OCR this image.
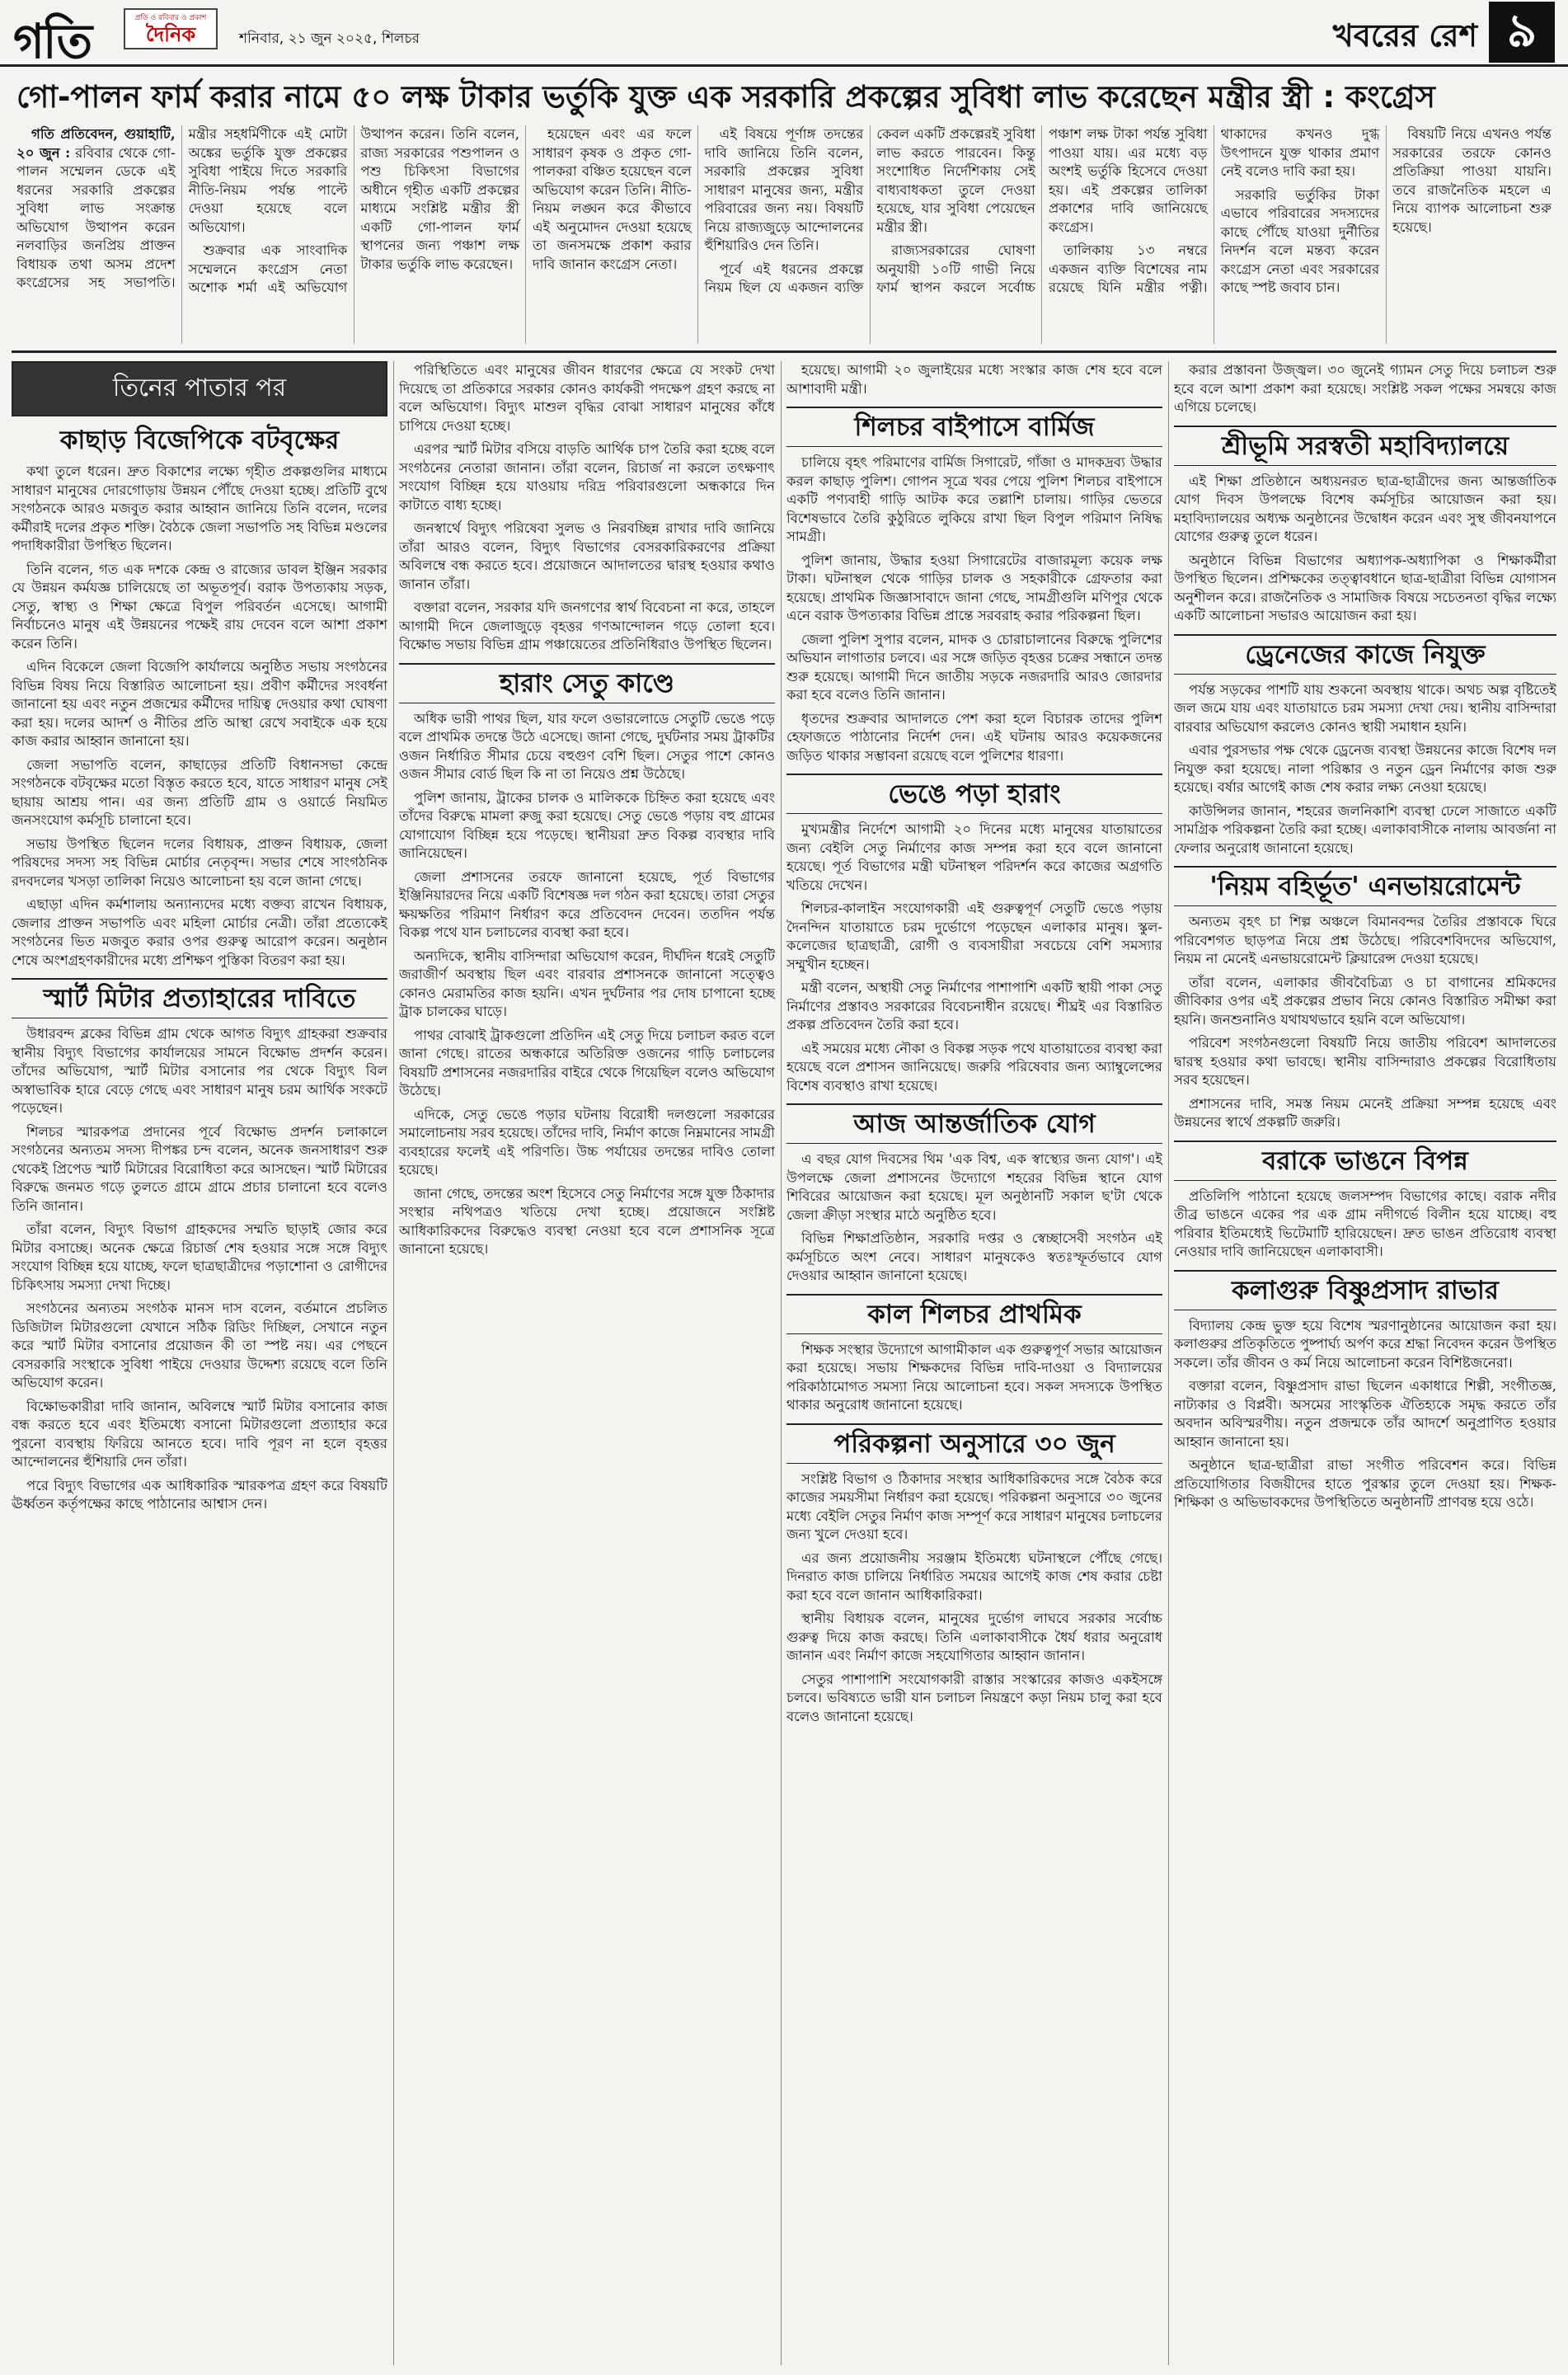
গতি	প্রতি ও রবিবার ও প্রকাশ
দৈনিক	শনিবার, ২১ জুন ২০২৫, শিলচর	খবরের রেশ ৯
গো-পালন ফার্ম করার নামে ৫০ লক্ষ টাকার ভর্তুকি যুক্ত এক সরকারি প্রকল্পের সুবিধা লাভ করেছেন মন্ত্রীর স্ত্রী : কংগ্রেস

গতি প্রতিবেদন, গুয়াহাটি, ২০ জুন : রবিবার থেকে গো-পালন সম্মেলন ডেকে এই ধরনের সরকারি প্রকল্পের সুবিধা লাভ সংক্রান্ত অভিযোগ উত্থাপন করেন নলবাড়ির জনপ্রিয় প্রাক্তন বিধায়ক তথা অসম প্রদেশ কংগ্রেসের সহ সভাপতি। মন্ত্রীর সহধর্মিণীকে এই মোটা অঙ্কের ভর্তুকি যুক্ত প্রকল্পের সুবিধা পাইয়ে দিতে সরকারি নীতি-নিয়ম পর্যন্ত পাল্টে দেওয়া হয়েছে বলে অভিযোগ।

শুক্রবার এক সাংবাদিক সম্মেলনে কংগ্রেস নেতা অশোক শর্মা এই অভিযোগ উত্থাপন করেন। তিনি বলেন, রাজ্য সরকারের পশুপালন ও পশু চিকিৎসা বিভাগের অধীনে গৃহীত একটি প্রকল্পের মাধ্যমে সংশ্লিষ্ট মন্ত্রীর স্ত্রী একটি গো-পালন ফার্ম স্থাপনের জন্য পঞ্চাশ লক্ষ টাকার ভর্তুকি লাভ করেছেন।

হয়েছেন এবং এর ফলে সাধারণ কৃষক ও প্রকৃত গো-পালকরা বঞ্চিত হয়েছেন বলে অভিযোগ করেন তিনি। নীতি-নিয়ম লঙ্ঘন করে কীভাবে এই অনুমোদন দেওয়া হয়েছে তা জনসমক্ষে প্রকাশ করার দাবি জানান কংগ্রেস নেতা।

এই বিষয়ে পূর্ণাঙ্গ তদন্তের দাবি জানিয়ে তিনি বলেন, সরকারি প্রকল্পের সুবিধা সাধারণ মানুষের জন্য, মন্ত্রীর পরিবারের জন্য নয়। বিষয়টি নিয়ে রাজ্যজুড়ে আন্দোলনের হুঁশিয়ারিও দেন তিনি।

পূর্বে এই ধরনের প্রকল্পে নিয়ম ছিল যে একজন ব্যক্তি কেবল একটি প্রকল্পেরই সুবিধা লাভ করতে পারবেন। কিন্তু সংশোধিত নির্দেশিকায় সেই বাধ্যবাধকতা তুলে দেওয়া হয়েছে, যার সুবিধা পেয়েছেন মন্ত্রীর স্ত্রী।

রাজ্যসরকারের ঘোষণা অনুযায়ী ১০টি গাভী নিয়ে ফার্ম স্থাপন করলে সর্বোচ্চ পঞ্চাশ লক্ষ টাকা পর্যন্ত সুবিধা পাওয়া যায়। এর মধ্যে বড় অংশই ভর্তুকি হিসেবে দেওয়া হয়। এই প্রকল্পের তালিকা প্রকাশের দাবি জানিয়েছে কংগ্রেস।

তালিকায় ১৩ নম্বরে একজন ব্যক্তি বিশেষের নাম রয়েছে যিনি মন্ত্রীর পত্নী। থাকাদের কখনও দুগ্ধ উৎপাদনে যুক্ত থাকার প্রমাণ নেই বলেও দাবি করা হয়।

সরকারি ভর্তুকির টাকা এভাবে পরিবারের সদস্যদের কাছে পৌঁছে যাওয়া দুর্নীতির নিদর্শন বলে মন্তব্য করেন কংগ্রেস নেতা এবং সরকারের কাছে স্পষ্ট জবাব চান।

বিষয়টি নিয়ে এখনও পর্যন্ত সরকারের তরফে কোনও প্রতিক্রিয়া পাওয়া যায়নি। তবে রাজনৈতিক মহলে এ নিয়ে ব্যাপক আলোচনা শুরু হয়েছে।

তিনের পাতার পর
কাছাড় বিজেপিকে বটবৃক্ষের

কথা তুলে ধরেন। দ্রুত বিকাশের লক্ষ্যে গৃহীত প্রকল্পগুলির মাধ্যমে সাধারণ মানুষের দোরগোড়ায় উন্নয়ন পৌঁছে দেওয়া হচ্ছে। প্রতিটি বুথে সংগঠনকে আরও মজবুত করার আহ্বান জানিয়ে তিনি বলেন, দলের কর্মীরাই দলের প্রকৃত শক্তি। বৈঠকে জেলা সভাপতি সহ বিভিন্ন মণ্ডলের পদাধিকারীরা উপস্থিত ছিলেন।

তিনি বলেন, গত এক দশকে কেন্দ্র ও রাজ্যের ডাবল ইঞ্জিন সরকার যে উন্নয়ন কর্মযজ্ঞ চালিয়েছে তা অভূতপূর্ব। বরাক উপত্যকায় সড়ক, সেতু, স্বাস্থ্য ও শিক্ষা ক্ষেত্রে বিপুল পরিবর্তন এসেছে। আগামী নির্বাচনেও মানুষ এই উন্নয়নের পক্ষেই রায় দেবেন বলে আশা প্রকাশ করেন তিনি।

এদিন বিকেলে জেলা বিজেপি কার্যালয়ে অনুষ্ঠিত সভায় সংগঠনের বিভিন্ন বিষয় নিয়ে বিস্তারিত আলোচনা হয়। প্রবীণ কর্মীদের সংবর্ধনা জানানো হয় এবং নতুন প্রজন্মের কর্মীদের দায়িত্ব দেওয়ার কথা ঘোষণা করা হয়। দলের আদর্শ ও নীতির প্রতি আস্থা রেখে সবাইকে এক হয়ে কাজ করার আহ্বান জানানো হয়।

জেলা সভাপতি বলেন, কাছাড়ের প্রতিটি বিধানসভা কেন্দ্রে সংগঠনকে বটবৃক্ষের মতো বিস্তৃত করতে হবে, যাতে সাধারণ মানুষ সেই ছায়ায় আশ্রয় পান। এর জন্য প্রতিটি গ্রাম ও ওয়ার্ডে নিয়মিত জনসংযোগ কর্মসূচি চালানো হবে।

সভায় উপস্থিত ছিলেন দলের বিধায়ক, প্রাক্তন বিধায়ক, জেলা পরিষদের সদস্য সহ বিভিন্ন মোর্চার নেতৃবৃন্দ। সভার শেষে সাংগঠনিক রদবদলের খসড়া তালিকা নিয়েও আলোচনা হয় বলে জানা গেছে।

এছাড়া এদিন কর্মশালায় অন্যান্যদের মধ্যে বক্তব্য রাখেন বিধায়ক, জেলার প্রাক্তন সভাপতি এবং মহিলা মোর্চার নেত্রী। তাঁরা প্রত্যেকেই সংগঠনের ভিত মজবুত করার ওপর গুরুত্ব আরোপ করেন। অনুষ্ঠান শেষে অংশগ্রহণকারীদের মধ্যে প্রশিক্ষণ পুস্তিকা বিতরণ করা হয়।

স্মার্ট মিটার প্রত্যাহারের দাবিতে

উধারবন্দ ব্লকের বিভিন্ন গ্রাম থেকে আগত বিদ্যুৎ গ্রাহকরা শুক্রবার স্থানীয় বিদ্যুৎ বিভাগের কার্যালয়ের সামনে বিক্ষোভ প্রদর্শন করেন। তাঁদের অভিযোগ, স্মার্ট মিটার বসানোর পর থেকে বিদ্যুৎ বিল অস্বাভাবিক হারে বেড়ে গেছে এবং সাধারণ মানুষ চরম আর্থিক সংকটে পড়েছেন।

শিলচর স্মারকপত্র প্রদানের পূর্বে বিক্ষোভ প্রদর্শন চলাকালে সংগঠনের অন্যতম সদস্য দীপঙ্কর চন্দ বলেন, অনেক জনসাধারণ শুরু থেকেই প্রিপেড স্মার্ট মিটারের বিরোধিতা করে আসছেন। স্মার্ট মিটারের বিরুদ্ধে জনমত গড়ে তুলতে গ্রামে গ্রামে প্রচার চালানো হবে বলেও তিনি জানান।

তাঁরা বলেন, বিদ্যুৎ বিভাগ গ্রাহকদের সম্মতি ছাড়াই জোর করে মিটার বসাচ্ছে। অনেক ক্ষেত্রে রিচার্জ শেষ হওয়ার সঙ্গে সঙ্গে বিদ্যুৎ সংযোগ বিচ্ছিন্ন হয়ে যাচ্ছে, ফলে ছাত্রছাত্রীদের পড়াশোনা ও রোগীদের চিকিৎসায় সমস্যা দেখা দিচ্ছে।

সংগঠনের অন্যতম সংগঠক মানস দাস বলেন, বর্তমানে প্রচলিত ডিজিটাল মিটারগুলো যেখানে সঠিক রিডিং দিচ্ছিল, সেখানে নতুন করে স্মার্ট মিটার বসানোর প্রয়োজন কী তা স্পষ্ট নয়। এর পেছনে বেসরকারি সংস্থাকে সুবিধা পাইয়ে দেওয়ার উদ্দেশ্য রয়েছে বলে তিনি অভিযোগ করেন।

বিক্ষোভকারীরা দাবি জানান, অবিলম্বে স্মার্ট মিটার বসানোর কাজ বন্ধ করতে হবে এবং ইতিমধ্যে বসানো মিটারগুলো প্রত্যাহার করে পুরনো ব্যবস্থায় ফিরিয়ে আনতে হবে। দাবি পূরণ না হলে বৃহত্তর আন্দোলনের হুঁশিয়ারি দেন তাঁরা।

পরে বিদ্যুৎ বিভাগের এক আধিকারিক স্মারকপত্র গ্রহণ করে বিষয়টি ঊর্ধ্বতন কর্তৃপক্ষের কাছে পাঠানোর আশ্বাস দেন।

পরিস্থিতিতে এবং মানুষের জীবন ধারণের ক্ষেত্রে যে সংকট দেখা দিয়েছে তা প্রতিকারে সরকার কোনও কার্যকরী পদক্ষেপ গ্রহণ করছে না বলে অভিযোগ। বিদ্যুৎ মাশুল বৃদ্ধির বোঝা সাধারণ মানুষের কাঁধে চাপিয়ে দেওয়া হচ্ছে।

এরপর স্মার্ট মিটার বসিয়ে বাড়তি আর্থিক চাপ তৈরি করা হচ্ছে বলে সংগঠনের নেতারা জানান। তাঁরা বলেন, রিচার্জ না করলে তৎক্ষণাৎ সংযোগ বিচ্ছিন্ন হয়ে যাওয়ায় দরিদ্র পরিবারগুলো অন্ধকারে দিন কাটাতে বাধ্য হচ্ছে।

জনস্বার্থে বিদ্যুৎ পরিষেবা সুলভ ও নিরবচ্ছিন্ন রাখার দাবি জানিয়ে তাঁরা আরও বলেন, বিদ্যুৎ বিভাগের বেসরকারিকরণের প্রক্রিয়া অবিলম্বে বন্ধ করতে হবে। প্রয়োজনে আদালতের দ্বারস্থ হওয়ার কথাও জানান তাঁরা।

বক্তারা বলেন, সরকার যদি জনগণের স্বার্থ বিবেচনা না করে, তাহলে আগামী দিনে জেলাজুড়ে বৃহত্তর গণআন্দোলন গড়ে তোলা হবে। বিক্ষোভ সভায় বিভিন্ন গ্রাম পঞ্চায়েতের প্রতিনিধিরাও উপস্থিত ছিলেন।

হারাং সেতু কাণ্ডে

অধিক ভারী পাথর ছিল, যার ফলে ওভারলোডে সেতুটি ভেঙে পড়ে বলে প্রাথমিক তদন্তে উঠে এসেছে। জানা গেছে, দুর্ঘটনার সময় ট্রাকটির ওজন নির্ধারিত সীমার চেয়ে বহুগুণ বেশি ছিল। সেতুর পাশে কোনও ওজন সীমার বোর্ড ছিল কি না তা নিয়েও প্রশ্ন উঠেছে।

পুলিশ জানায়, ট্রাকের চালক ও মালিককে চিহ্নিত করা হয়েছে এবং তাঁদের বিরুদ্ধে মামলা রুজু করা হয়েছে। সেতু ভেঙে পড়ায় বহু গ্রামের যোগাযোগ বিচ্ছিন্ন হয়ে পড়েছে। স্থানীয়রা দ্রুত বিকল্প ব্যবস্থার দাবি জানিয়েছেন।

জেলা প্রশাসনের তরফে জানানো হয়েছে, পূর্ত বিভাগের ইঞ্জিনিয়ারদের নিয়ে একটি বিশেষজ্ঞ দল গঠন করা হয়েছে। তারা সেতুর ক্ষয়ক্ষতির পরিমাণ নির্ধারণ করে প্রতিবেদন দেবেন। ততদিন পর্যন্ত বিকল্প পথে যান চলাচলের ব্যবস্থা করা হবে।

অন্যদিকে, স্থানীয় বাসিন্দারা অভিযোগ করেন, দীর্ঘদিন ধরেই সেতুটি জরাজীর্ণ অবস্থায় ছিল এবং বারবার প্রশাসনকে জানানো সত্ত্বেও কোনও মেরামতির কাজ হয়নি। এখন দুর্ঘটনার পর দোষ চাপানো হচ্ছে ট্রাক চালকের ঘাড়ে।

পাথর বোঝাই ট্রাকগুলো প্রতিদিন এই সেতু দিয়ে চলাচল করত বলে জানা গেছে। রাতের অন্ধকারে অতিরিক্ত ওজনের গাড়ি চলাচলের বিষয়টি প্রশাসনের নজরদারির বাইরে থেকে গিয়েছিল বলেও অভিযোগ উঠেছে।

এদিকে, সেতু ভেঙে পড়ার ঘটনায় বিরোধী দলগুলো সরকারের সমালোচনায় সরব হয়েছে। তাঁদের দাবি, নির্মাণ কাজে নিম্নমানের সামগ্রী ব্যবহারের ফলেই এই পরিণতি। উচ্চ পর্যায়ের তদন্তের দাবিও তোলা হয়েছে।

জানা গেছে, তদন্তের অংশ হিসেবে সেতু নির্মাণের সঙ্গে যুক্ত ঠিকাদার সংস্থার নথিপত্রও খতিয়ে দেখা হচ্ছে। প্রয়োজনে সংশ্লিষ্ট আধিকারিকদের বিরুদ্ধেও ব্যবস্থা নেওয়া হবে বলে প্রশাসনিক সূত্রে জানানো হয়েছে।

হয়েছে। আগামী ২০ জুলাইয়ের মধ্যে সংস্কার কাজ শেষ হবে বলে আশাবাদী মন্ত্রী।

শিলচর বাইপাসে বার্মিজ

চালিয়ে বৃহৎ পরিমাণের বার্মিজ সিগারেট, গাঁজা ও মাদকদ্রব্য উদ্ধার করল কাছাড় পুলিশ। গোপন সূত্রে খবর পেয়ে পুলিশ শিলচর বাইপাসে একটি পণ্যবাহী গাড়ি আটক করে তল্লাশি চালায়। গাড়ির ভেতরে বিশেষভাবে তৈরি কুঠুরিতে লুকিয়ে রাখা ছিল বিপুল পরিমাণ নিষিদ্ধ সামগ্রী।

পুলিশ জানায়, উদ্ধার হওয়া সিগারেটের বাজারমূল্য কয়েক লক্ষ টাকা। ঘটনাস্থল থেকে গাড়ির চালক ও সহকারীকে গ্রেফতার করা হয়েছে। প্রাথমিক জিজ্ঞাসাবাদে জানা গেছে, সামগ্রীগুলি মণিপুর থেকে এনে বরাক উপত্যকার বিভিন্ন প্রান্তে সরবরাহ করার পরিকল্পনা ছিল।

জেলা পুলিশ সুপার বলেন, মাদক ও চোরাচালানের বিরুদ্ধে পুলিশের অভিযান লাগাতার চলবে। এর সঙ্গে জড়িত বৃহত্তর চক্রের সন্ধানে তদন্ত শুরু হয়েছে। আগামী দিনে জাতীয় সড়কে নজরদারি আরও জোরদার করা হবে বলেও তিনি জানান।

ধৃতদের শুক্রবার আদালতে পেশ করা হলে বিচারক তাদের পুলিশ হেফাজতে পাঠানোর নির্দেশ দেন। এই ঘটনায় আরও কয়েকজনের জড়িত থাকার সম্ভাবনা রয়েছে বলে পুলিশের ধারণা।

ভেঙে পড়া হারাং

মুখ্যমন্ত্রীর নির্দেশে আগামী ২০ দিনের মধ্যে মানুষের যাতায়াতের জন্য বেইলি সেতু নির্মাণের কাজ সম্পন্ন করা হবে বলে জানানো হয়েছে। পূর্ত বিভাগের মন্ত্রী ঘটনাস্থল পরিদর্শন করে কাজের অগ্রগতি খতিয়ে দেখেন।

শিলচর-কালাইন সংযোগকারী এই গুরুত্বপূর্ণ সেতুটি ভেঙে পড়ায় দৈনন্দিন যাতায়াতে চরম দুর্ভোগে পড়েছেন এলাকার মানুষ। স্কুল-কলেজের ছাত্রছাত্রী, রোগী ও ব্যবসায়ীরা সবচেয়ে বেশি সমস্যার সম্মুখীন হচ্ছেন।

মন্ত্রী বলেন, অস্থায়ী সেতু নির্মাণের পাশাপাশি একটি স্থায়ী পাকা সেতু নির্মাণের প্রস্তাবও সরকারের বিবেচনাধীন রয়েছে। শীঘ্রই এর বিস্তারিত প্রকল্প প্রতিবেদন তৈরি করা হবে।

এই সময়ের মধ্যে নৌকা ও বিকল্প সড়ক পথে যাতায়াতের ব্যবস্থা করা হয়েছে বলে প্রশাসন জানিয়েছে। জরুরি পরিষেবার জন্য অ্যাম্বুলেন্সের বিশেষ ব্যবস্থাও রাখা হয়েছে।

আজ আন্তর্জাতিক যোগ

এ বছর যোগ দিবসের থিম 'এক বিশ্ব, এক স্বাস্থ্যের জন্য যোগ'। এই উপলক্ষে জেলা প্রশাসনের উদ্যোগে শহরের বিভিন্ন স্থানে যোগ শিবিরের আয়োজন করা হয়েছে। মূল অনুষ্ঠানটি সকাল ছ'টা থেকে জেলা ক্রীড়া সংস্থার মাঠে অনুষ্ঠিত হবে।

বিভিন্ন শিক্ষাপ্রতিষ্ঠান, সরকারি দপ্তর ও স্বেচ্ছাসেবী সংগঠন এই কর্মসূচিতে অংশ নেবে। সাধারণ মানুষকেও স্বতঃস্ফূর্তভাবে যোগ দেওয়ার আহ্বান জানানো হয়েছে।

কাল শিলচর প্রাথমিক

শিক্ষক সংস্থার উদ্যোগে আগামীকাল এক গুরুত্বপূর্ণ সভার আয়োজন করা হয়েছে। সভায় শিক্ষকদের বিভিন্ন দাবি-দাওয়া ও বিদ্যালয়ের পরিকাঠামোগত সমস্যা নিয়ে আলোচনা হবে। সকল সদস্যকে উপস্থিত থাকার অনুরোধ জানানো হয়েছে।

পরিকল্পনা অনুসারে ৩০ জুন

সংশ্লিষ্ট বিভাগ ও ঠিকাদার সংস্থার আধিকারিকদের সঙ্গে বৈঠক করে কাজের সময়সীমা নির্ধারণ করা হয়েছে। পরিকল্পনা অনুসারে ৩০ জুনের মধ্যে বেইলি সেতুর নির্মাণ কাজ সম্পূর্ণ করে সাধারণ মানুষের চলাচলের জন্য খুলে দেওয়া হবে।

এর জন্য প্রয়োজনীয় সরঞ্জাম ইতিমধ্যে ঘটনাস্থলে পৌঁছে গেছে। দিনরাত কাজ চালিয়ে নির্ধারিত সময়ের আগেই কাজ শেষ করার চেষ্টা করা হবে বলে জানান আধিকারিকরা।

স্থানীয় বিধায়ক বলেন, মানুষের দুর্ভোগ লাঘবে সরকার সর্বোচ্চ গুরুত্ব দিয়ে কাজ করছে। তিনি এলাকাবাসীকে ধৈর্য ধরার অনুরোধ জানান এবং নির্মাণ কাজে সহযোগিতার আহ্বান জানান।

সেতুর পাশাপাশি সংযোগকারী রাস্তার সংস্কারের কাজও একইসঙ্গে চলবে। ভবিষ্যতে ভারী যান চলাচল নিয়ন্ত্রণে কড়া নিয়ম চালু করা হবে বলেও জানানো হয়েছে।

করার প্রস্তাবনা উজ্জ্বল। ৩০ জুনেই গ্যামন সেতু দিয়ে চলাচল শুরু হবে বলে আশা প্রকাশ করা হয়েছে। সংশ্লিষ্ট সকল পক্ষের সমন্বয়ে কাজ এগিয়ে চলেছে।

শ্রীভূমি সরস্বতী মহাবিদ্যালয়ে

এই শিক্ষা প্রতিষ্ঠানে অধ্যয়নরত ছাত্র-ছাত্রীদের জন্য আন্তর্জাতিক যোগ দিবস উপলক্ষে বিশেষ কর্মসূচির আয়োজন করা হয়। মহাবিদ্যালয়ের অধ্যক্ষ অনুষ্ঠানের উদ্বোধন করেন এবং সুস্থ জীবনযাপনে যোগের গুরুত্ব তুলে ধরেন।

অনুষ্ঠানে বিভিন্ন বিভাগের অধ্যাপক-অধ্যাপিকা ও শিক্ষাকর্মীরা উপস্থিত ছিলেন। প্রশিক্ষকের তত্ত্বাবধানে ছাত্র-ছাত্রীরা বিভিন্ন যোগাসন অনুশীলন করে। রাজনৈতিক ও সামাজিক বিষয়ে সচেতনতা বৃদ্ধির লক্ষ্যে একটি আলোচনা সভারও আয়োজন করা হয়।

ড্রেনেজের কাজে নিযুক্ত

পর্যন্ত সড়কের পাশটি যায় শুকনো অবস্থায় থাকে। অথচ অল্প বৃষ্টিতেই জল জমে যায় এবং যাতায়াতে চরম সমস্যা দেখা দেয়। স্থানীয় বাসিন্দারা বারবার অভিযোগ করলেও কোনও স্থায়ী সমাধান হয়নি।

এবার পুরসভার পক্ষ থেকে ড্রেনেজ ব্যবস্থা উন্নয়নের কাজে বিশেষ দল নিযুক্ত করা হয়েছে। নালা পরিষ্কার ও নতুন ড্রেন নির্মাণের কাজ শুরু হয়েছে। বর্ষার আগেই কাজ শেষ করার লক্ষ্য নেওয়া হয়েছে।

কাউন্সিলর জানান, শহরের জলনিকাশি ব্যবস্থা ঢেলে সাজাতে একটি সামগ্রিক পরিকল্পনা তৈরি করা হচ্ছে। এলাকাবাসীকে নালায় আবর্জনা না ফেলার অনুরোধ জানানো হয়েছে।

'নিয়ম বহির্ভূত' এনভায়রোমেন্ট

অন্যতম বৃহৎ চা শিল্প অঞ্চলে বিমানবন্দর তৈরির প্রস্তাবকে ঘিরে পরিবেশগত ছাড়পত্র নিয়ে প্রশ্ন উঠেছে। পরিবেশবিদদের অভিযোগ, নিয়ম না মেনেই এনভায়রোমেন্ট ক্লিয়ারেন্স দেওয়া হয়েছে।

তাঁরা বলেন, এলাকার জীববৈচিত্র্য ও চা বাগানের শ্রমিকদের জীবিকার ওপর এই প্রকল্পের প্রভাব নিয়ে কোনও বিস্তারিত সমীক্ষা করা হয়নি। জনশুনানিও যথাযথভাবে হয়নি বলে অভিযোগ।

পরিবেশ সংগঠনগুলো বিষয়টি নিয়ে জাতীয় পরিবেশ আদালতের দ্বারস্থ হওয়ার কথা ভাবছে। স্থানীয় বাসিন্দারাও প্রকল্পের বিরোধিতায় সরব হয়েছেন।

প্রশাসনের দাবি, সমস্ত নিয়ম মেনেই প্রক্রিয়া সম্পন্ন হয়েছে এবং উন্নয়নের স্বার্থে প্রকল্পটি জরুরি।

বরাকে ভাঙনে বিপন্ন

প্রতিলিপি পাঠানো হয়েছে জলসম্পদ বিভাগের কাছে। বরাক নদীর তীব্র ভাঙনে একের পর এক গ্রাম নদীগর্ভে বিলীন হয়ে যাচ্ছে। বহু পরিবার ইতিমধ্যেই ভিটেমাটি হারিয়েছেন। দ্রুত ভাঙন প্রতিরোধ ব্যবস্থা নেওয়ার দাবি জানিয়েছেন এলাকাবাসী।

কলাগুরু বিষ্ণুপ্রসাদ রাভার

বিদ্যালয় কেন্দ্র ভুক্ত হয়ে বিশেষ স্মরণানুষ্ঠানের আয়োজন করা হয়। কলাগুরুর প্রতিকৃতিতে পুষ্পার্ঘ্য অর্পণ করে শ্রদ্ধা নিবেদন করেন উপস্থিত সকলে। তাঁর জীবন ও কর্ম নিয়ে আলোচনা করেন বিশিষ্টজনেরা।

বক্তারা বলেন, বিষ্ণুপ্রসাদ রাভা ছিলেন একাধারে শিল্পী, সংগীতজ্ঞ, নাট্যকার ও বিপ্লবী। অসমের সাংস্কৃতিক ঐতিহ্যকে সমৃদ্ধ করতে তাঁর অবদান অবিস্মরণীয়। নতুন প্রজন্মকে তাঁর আদর্শে অনুপ্রাণিত হওয়ার আহ্বান জানানো হয়।

অনুষ্ঠানে ছাত্র-ছাত্রীরা রাভা সংগীত পরিবেশন করে। বিভিন্ন প্রতিযোগিতার বিজয়ীদের হাতে পুরস্কার তুলে দেওয়া হয়। শিক্ষক-শিক্ষিকা ও অভিভাবকদের উপস্থিতিতে অনুষ্ঠানটি প্রাণবন্ত হয়ে ওঠে।
